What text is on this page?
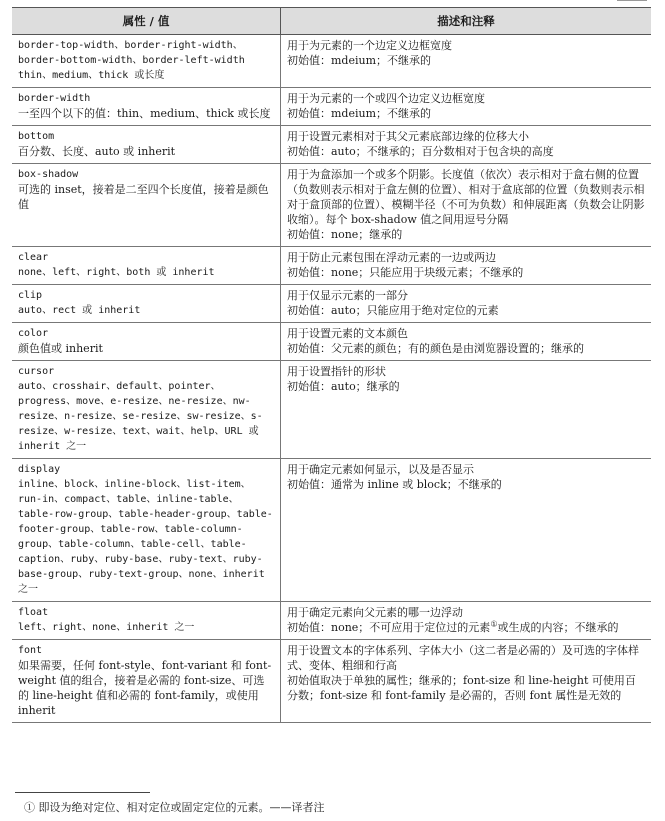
属性 / 值	描述和注释

border-top-width、border-right-width、border-bottom-width、border-left-width
thin、medium、thick 或长度	用于为元素的一个边定义边框宽度
初始值：mdeium；不继承的

border-width
一至四个以下的值：thin、medium、thick 或长度	用于为元素的一个或四个边定义边框宽度
初始值：mdeium；不继承的

bottom
百分数、长度、auto 或 inherit	用于设置元素相对于其父元素底部边缘的位移大小
初始值：auto；不继承的；百分数相对于包含块的高度

box-shadow
可选的 inset，接着是二至四个长度值，接着是颜色值	用于为盒添加一个或多个阴影。长度值（依次）表示相对于盒右侧的位置（负数则表示相对于盒左侧的位置）、相对于盒底部的位置（负数则表示相对于盒顶部的位置）、模糊半径（不可为负数）和伸展距离（负数会让阴影收缩）。每个 box-shadow 值之间用逗号分隔
初始值：none；继承的

clear
none、left、right、both 或 inherit	用于防止元素包围在浮动元素的一边或两边
初始值：none；只能应用于块级元素；不继承的

clip
auto、rect 或 inherit	用于仅显示元素的一部分
初始值：auto；只能应用于绝对定位的元素

color
颜色值或 inherit	用于设置元素的文本颜色
初始值：父元素的颜色；有的颜色是由浏览器设置的；继承的

cursor
auto、crosshair、default、pointer、progress、move、e-resize、ne-resize、nw-resize、n-resize、se-resize、sw-resize、s-resize、w-resize、text、wait、help、URL 或 inherit 之一	用于设置指针的形状
初始值：auto；继承的

display
inline、block、inline-block、list-item、run-in、compact、table、inline-table、table-row-group、table-header-group、table-footer-group、table-row、table-column-group、table-column、table-cell、table-caption、ruby、ruby-base、ruby-text、ruby-base-group、ruby-text-group、none、inherit 之一	用于确定元素如何显示，以及是否显示
初始值：通常为 inline 或 block；不继承的

float
left、right、none、inherit 之一	用于确定元素向父元素的哪一边浮动
初始值：none；不可应用于定位过的元素①或生成的内容；不继承的

font
如果需要，任何 font-style、font-variant 和 font-weight 值的组合，接着是必需的 font-size、可选的 line-height 值和必需的 font-family，或使用 inherit	用于设置文本的字体系列、字体大小（这二者是必需的）及可选的字体样式、变体、粗细和行高
初始值取决于单独的属性；继承的；font-size 和 line-height 可使用百分数；font-size 和 font-family 是必需的，否则 font 属性是无效的
① 即设为绝对定位、相对定位或固定定位的元素。——译者注
